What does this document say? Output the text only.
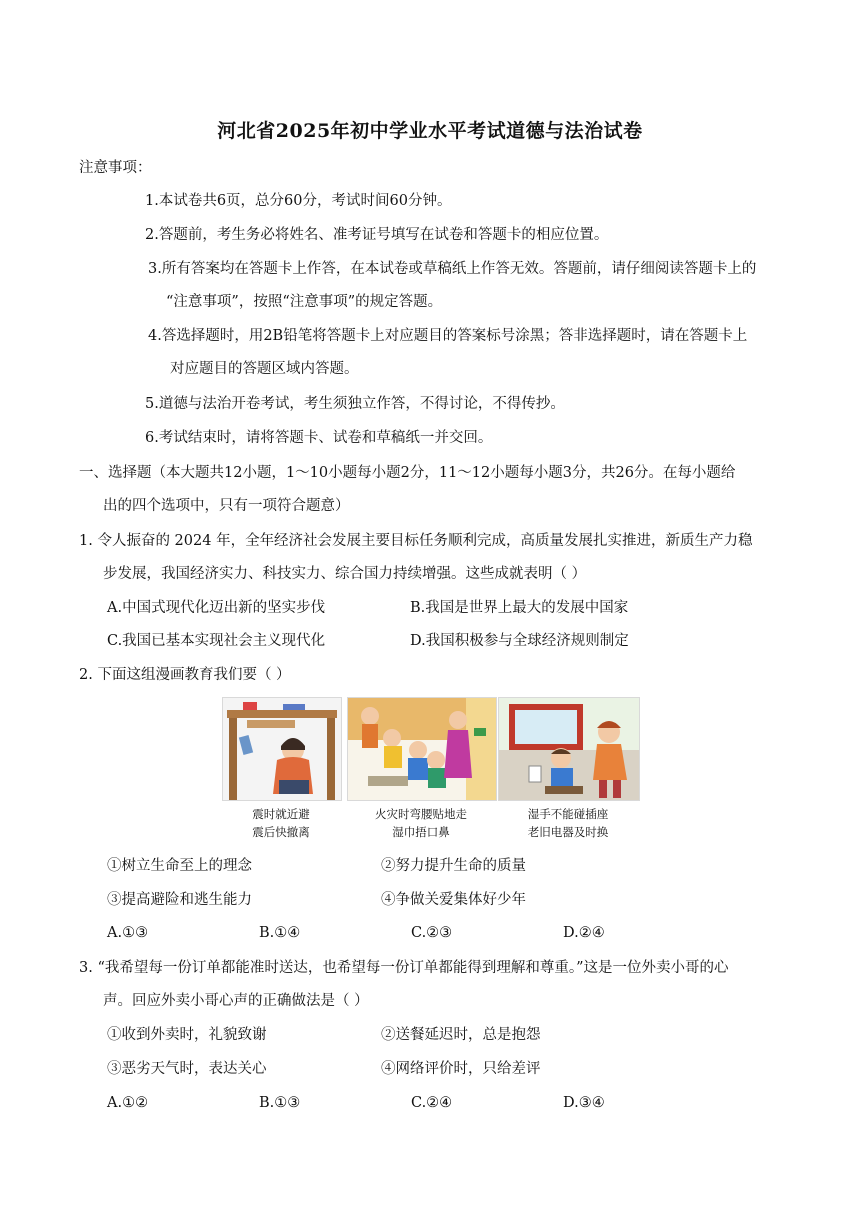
河北省2025年初中学业水平考试道德与法治试卷
注意事项：
1.本试卷共6页，总分60分，考试时间60分钟。
2.答题前，考生务必将姓名、准考证号填写在试卷和答题卡的相应位置。
3.所有答案均在答题卡上作答，在本试卷或草稿纸上作答无效。答题前，请仔细阅读答题卡上的
“注意事项”，按照“注意事项”的规定答题。
4.答选择题时，用2B铅笔将答题卡上对应题目的答案标号涂黑；答非选择题时，请在答题卡上
对应题目的答题区域内答题。
5.道德与法治开卷考试，考生须独立作答，不得讨论，不得传抄。
6.考试结束时，请将答题卡、试卷和草稿纸一并交回。
一、选择题（本大题共12小题，1～10小题每小题2分，11～12小题每小题3分，共26分。在每小题给
出的四个选项中，只有一项符合题意）
1. 令人振奋的 2024 年，全年经济社会发展主要目标任务顺利完成，高质量发展扎实推进，新质生产力稳
步发展，我国经济实力、科技实力、综合国力持续增强。这些成就表明（ ）
A.中国式现代化迈出新的坚实步伐	B.我国是世界上最大的发展中国家
C.我国已基本实现社会主义现代化	D.我国积极参与全球经济规则制定
2. 下面这组漫画教育我们要（ ）
震时就近避
震后快撤离
火灾时弯腰贴地走
湿巾捂口鼻
湿手不能碰插座
老旧电器及时换
①树立生命至上的理念	②努力提升生命的质量
③提高避险和逃生能力	④争做关爱集体好少年
A.①③	B.①④	C.②③	D.②④
3. “我希望每一份订单都能准时送达，也希望每一份订单都能得到理解和尊重。”这是一位外卖小哥的心
声。回应外卖小哥心声的正确做法是（ ）
①收到外卖时，礼貌致谢	②送餐延迟时，总是抱怨
③恶劣天气时，表达关心	④网络评价时，只给差评
A.①②	B.①③	C.②④	D.③④
